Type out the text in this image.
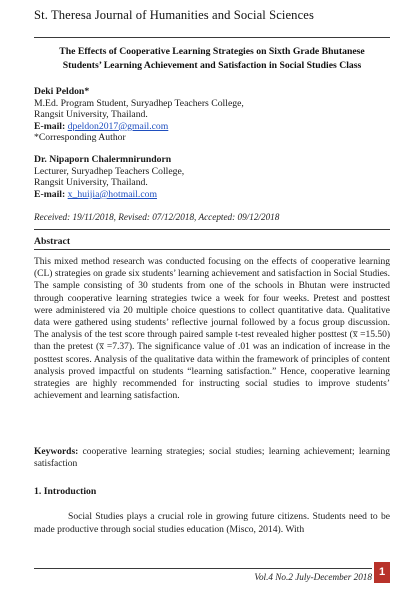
St. Theresa Journal of Humanities and Social Sciences
The Effects of Cooperative Learning Strategies on Sixth Grade Bhutanese
Students’ Learning Achievement and Satisfaction in Social Studies Class
Deki Peldon*
M.Ed. Program Student, Suryadhep Teachers College,
Rangsit University, Thailand.
E-mail: dpeldon2017@gmail.com
*Corresponding Author
Dr. Nipaporn Chalermnirundorn
Lecturer, Suryadhep Teachers College,
Rangsit University, Thailand.
E-mail: x_huijia@hotmail.com
Received: 19/11/2018, Revised: 07/12/2018, Accepted: 09/12/2018
Abstract

This mixed method research was conducted focusing on the effects of cooperative learning (CL) strategies on grade six students’ learning achievement and satisfaction in Social Studies. The sample consisting of 30 students from one of the schools in Bhutan were instructed through cooperative learning strategies twice a week for four weeks. Pretest and posttest were administered via 20 multiple choice questions to collect quantitative data. Qualitative data were gathered using students’ reflective journal followed by a focus group discussion. The analysis of the test score through paired sample t-test revealed higher posttest (x̅ =15.50) than the pretest (x̅ =7.37). The significance value of .01 was an indication of increase in the posttest scores. Analysis of the qualitative data within the framework of principles of content analysis proved impactful on students “learning satisfaction.” Hence, cooperative learning strategies are highly recommended for instructing social studies to improve students’ achievement and learning satisfaction.

Keywords: cooperative learning strategies; social studies; learning achievement; learning satisfaction
1. Introduction

Social Studies plays a crucial role in growing future citizens. Students need to be made productive through social studies education (Misco, 2014). With

Vol.4 No.2 July-December 2018 1
